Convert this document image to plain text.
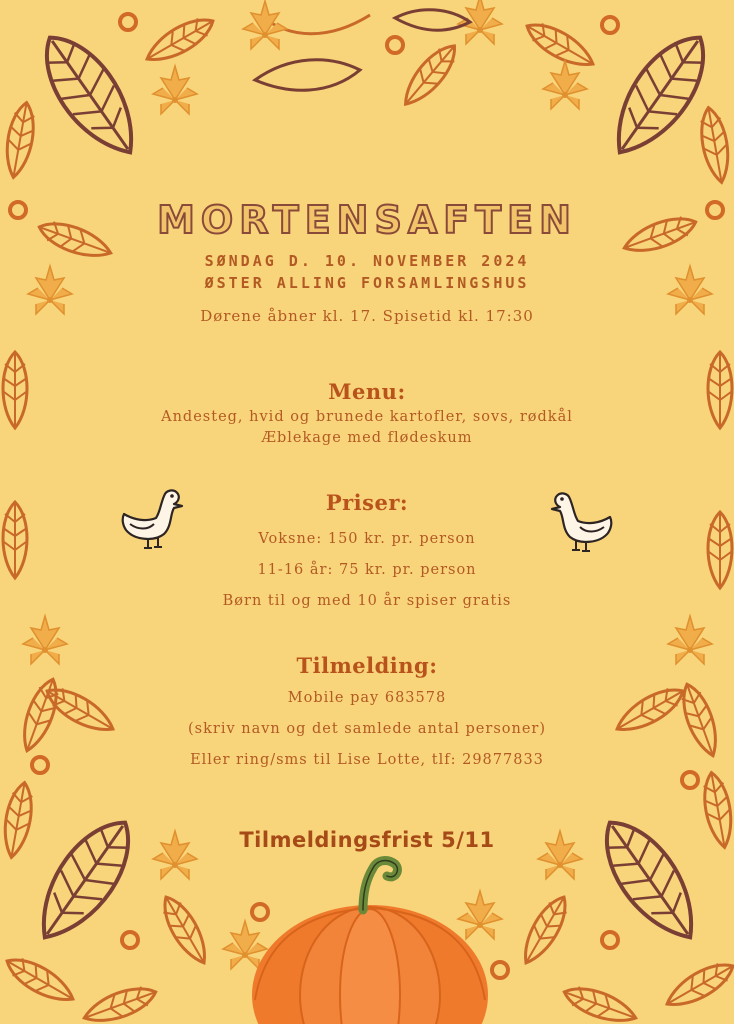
MORTENSAFTEN
SØNDAG D. 10. NOVEMBER 2024
ØSTER ALLING FORSAMLINGSHUS
Dørene åbner kl. 17. Spisetid kl. 17:30
Menu:
Andesteg, hvid og brunede kartofler, sovs, rødkål
Æblekage med flødeskum
Priser:
Voksne: 150 kr. pr. person
11-16 år: 75 kr. pr. person
Børn til og med 10 år spiser gratis
Tilmelding:
Mobile pay 683578
(skriv navn og det samlede antal personer)
Eller ring/sms til Lise Lotte, tlf: 29877833
Tilmeldingsfrist 5/11
